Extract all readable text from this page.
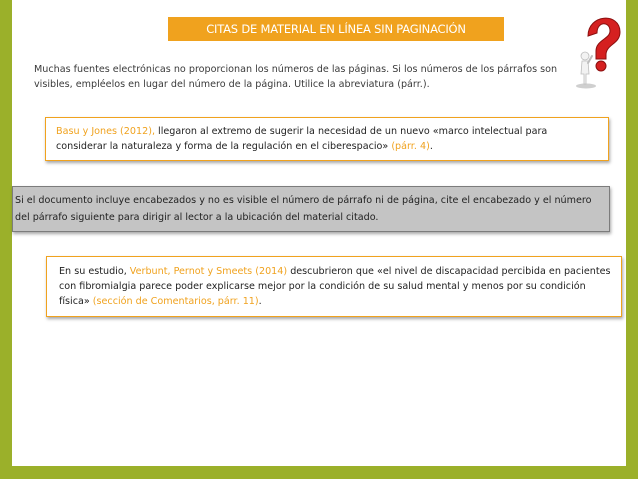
CITAS DE MATERIAL EN LÍNEA SIN PAGINACIÓN
Muchas fuentes electrónicas no proporcionan los números de las páginas. Si los números de los párrafos son visibles, empléelos en lugar del número de la página. Utilice la abreviatura (párr.).
Basu y Jones (2012), llegaron al extremo de sugerir la necesidad de un nuevo «marco intelectual para considerar la naturaleza y forma de la regulación en el ciberespacio» (párr. 4).
En su estudio, Verbunt, Pernot y Smeets (2014) descubrieron que «el nivel de discapacidad percibida en pacientes con fibromialgia parece poder explicarse mejor por la condición de su salud mental y menos por su condición física» (sección de Comentarios, párr. 11).
Si el documento incluye encabezados y no es visible el número de párrafo ni de página, cite el encabezado y el número del párrafo siguiente para dirigir al lector a la ubicación del material citado.
